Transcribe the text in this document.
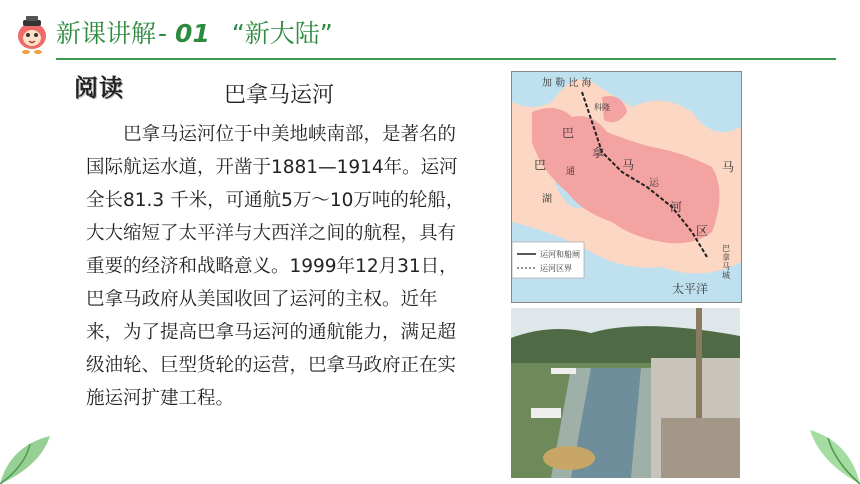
新课讲解- 01 “新大陆”
阅读	巴拿马运河

巴拿马运河位于中美地峡南部，是著名的国际航运水道，开凿于1881—1914年。运河全长81.3 千米，可通航5万～10万吨的轮船，大大缩短了太平洋与大西洋之间的航程，具有重要的经济和战略意义。1999年12月31日，巴拿马政府从美国收回了运河的主权。近年来，为了提高巴拿马运河的通航能力，满足超级油轮、巨型货轮的运营，巴拿马政府正在实施运河扩建工程。

加 勒 比 海
科隆
巴
拿
巴 通
湖
马
运
河
区
马
巴拿马城
太平洋
运河和船闸
运河区界
